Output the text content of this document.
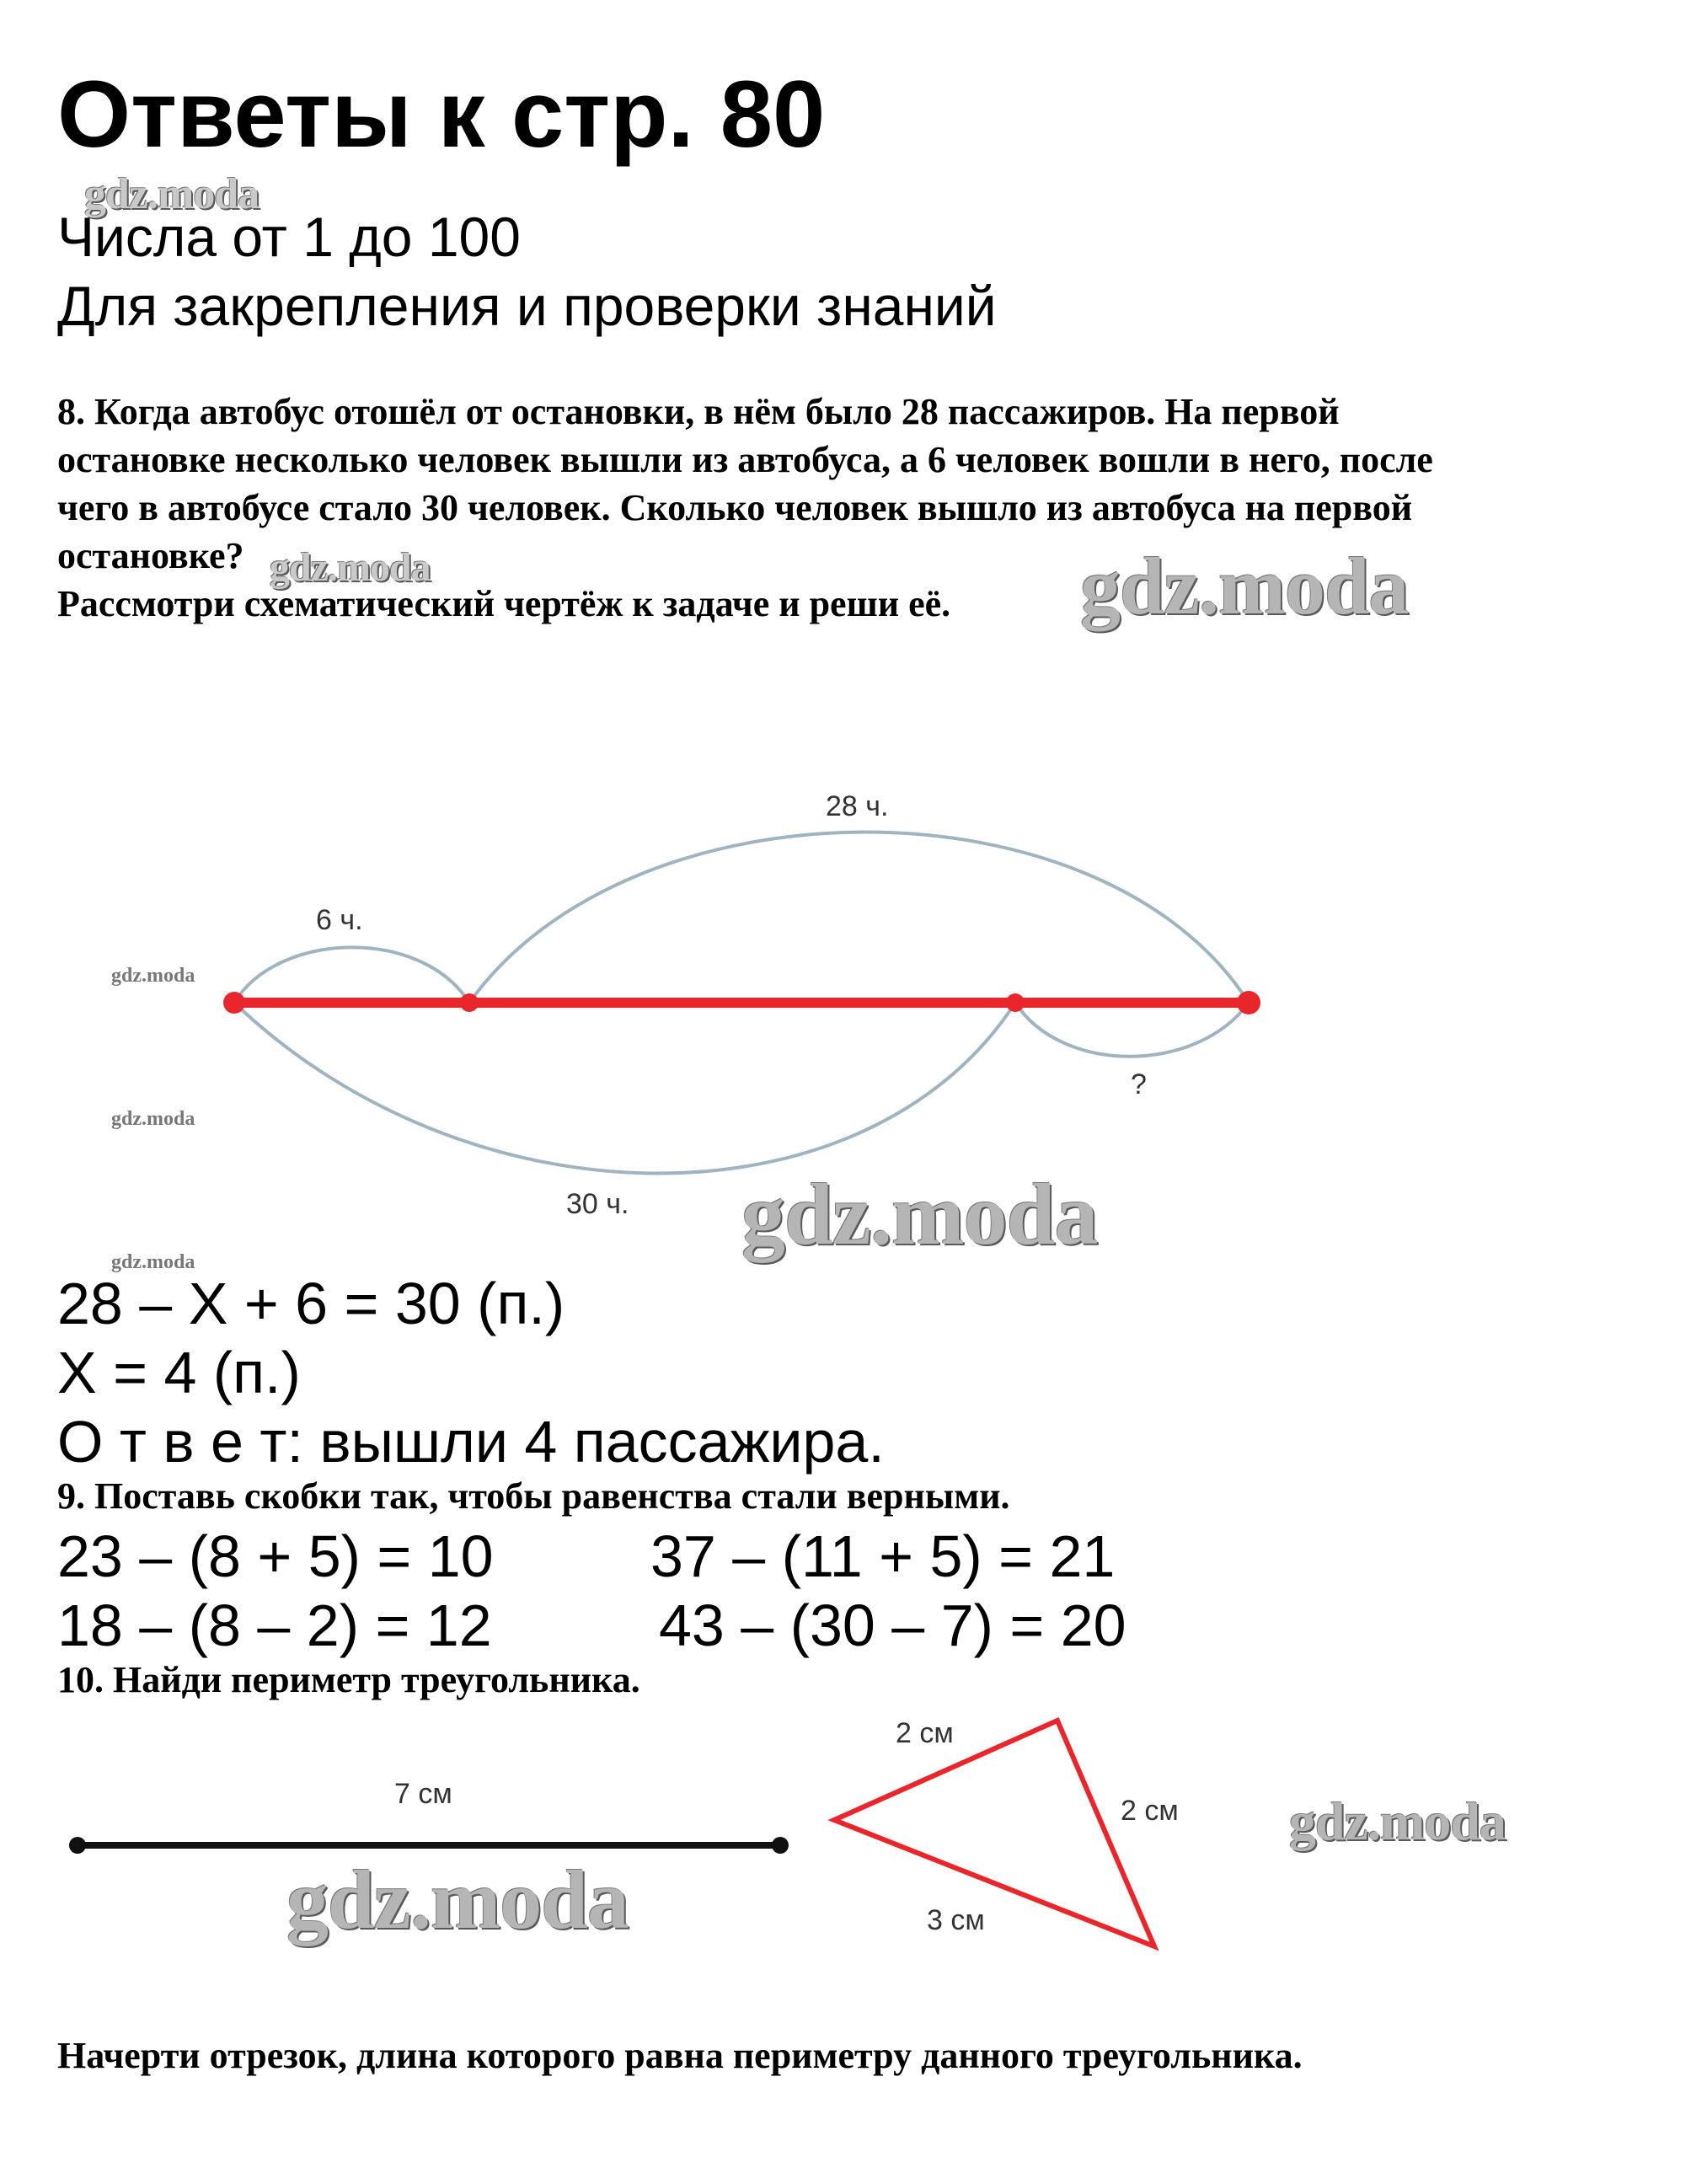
Ответы к стр. 80
gdz.moda
Числа от 1 до 100
Для закрепления и проверки знаний
8. Когда автобус отошёл от остановки, в нём было 28 пассажиров. На первой
остановке несколько человек вышли из автобуса, а 6 человек вошли в него, после
чего в автобусе стало 30 человек. Сколько человек вышло из автобуса на первой
остановке? gdz.moda
Рассмотри схематический чертёж к задаче и реши её. gdz.moda
28 ч.
6 ч.
30 ч.
?
7 см
2 см
2 см
3 см
gdz.moda
gdz.moda
gdz.moda
gdz.moda
28 – Х + 6 = 30 (п.)
Х = 4 (п.)
О т в е т: вышли 4 пассажира.
9. Поставь скобки так, чтобы равенства стали верными.
23 – (8 + 5) = 10	37 – (11 + 5) = 21
18 – (8 – 2) = 12	43 – (30 – 7) = 20
10. Найди периметр треугольника.
gdz.moda
gdz.moda
Начерти отрезок, длина которого равна периметру данного треугольника.
